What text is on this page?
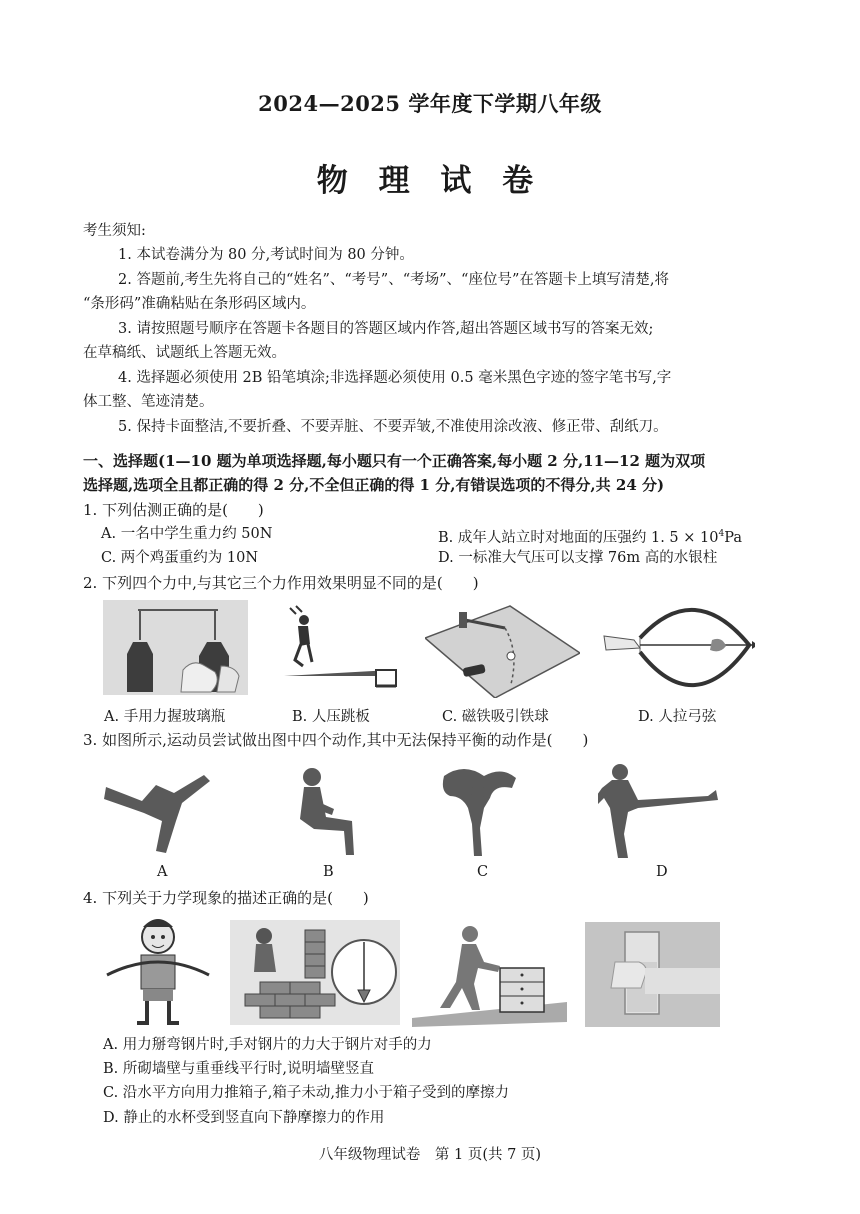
2024—2025 学年度下学期八年级
物 理 试 卷
考生须知:
1. 本试卷满分为 80 分,考试时间为 80 分钟。
2. 答题前,考生先将自己的“姓名”、“考号”、“考场”、“座位号”在答题卡上填写清楚,将
“条形码”准确粘贴在条形码区域内。
3. 请按照题号顺序在答题卡各题目的答题区域内作答,超出答题区域书写的答案无效;
在草稿纸、试题纸上答题无效。
4. 选择题必须使用 2B 铅笔填涂;非选择题必须使用 0.5 毫米黑色字迹的签字笔书写,字
体工整、笔迹清楚。
5. 保持卡面整洁,不要折叠、不要弄脏、不要弄皱,不准使用涂改液、修正带、刮纸刀。
一、选择题(1—10 题为单项选择题,每小题只有一个正确答案,每小题 2 分,11—12 题为双项
选择题,选项全且都正确的得 2 分,不全但正确的得 1 分,有错误选项的不得分,共 24 分)
1. 下列估测正确的是(　　)
A. 一名中学生重力约 50N	B. 成年人站立时对地面的压强约 1. $5 \times 10^4Pa$
C. 两个鸡蛋重约为 10N	D. 一标准大气压可以支撑 76m 高的水银柱
2. 下列四个力中,与其它三个力作用效果明显不同的是(　　)
A. 手用力握玻璃瓶	B. 人压跳板	C. 磁铁吸引铁球	D. 人拉弓弦
3. 如图所示,运动员尝试做出图中四个动作,其中无法保持平衡的动作是(　　)
A	B	C	D
4. 下列关于力学现象的描述正确的是(　　)
A. 用力掰弯钢片时,手对钢片的力大于钢片对手的力
B. 所砌墙壁与重垂线平行时,说明墙壁竖直
C. 沿水平方向用力推箱子,箱子未动,推力小于箱子受到的摩擦力
D. 静止的水杯受到竖直向下静摩擦力的作用
八年级物理试卷　第 1 页(共 7 页)
